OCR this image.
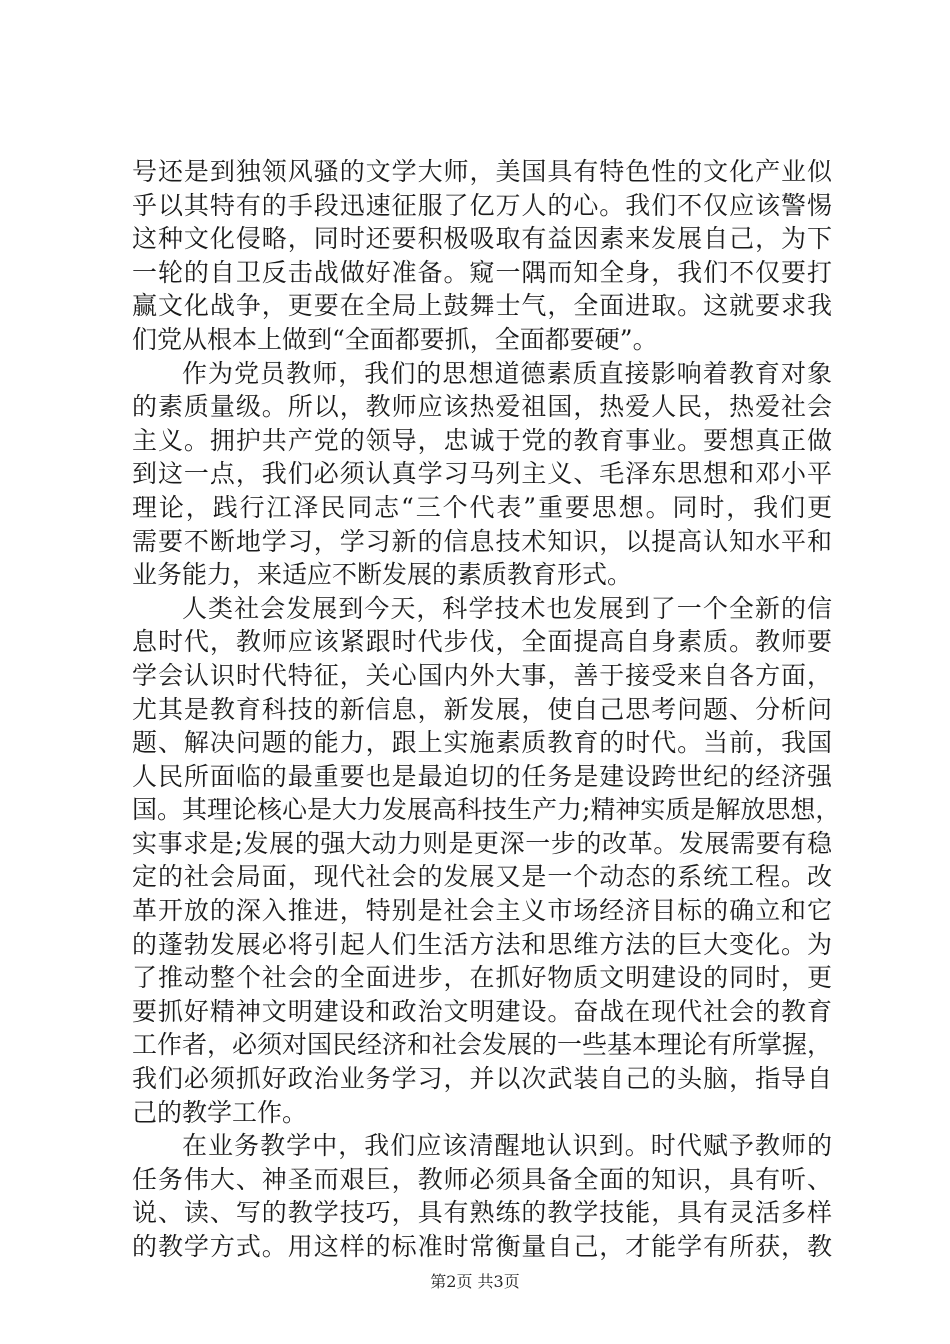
号还是到独领风骚的文学大师，美国具有特色性的文化产业似
乎以其特有的手段迅速征服了亿万人的心。我们不仅应该警惕
这种文化侵略，同时还要积极吸取有益因素来发展自己，为下
一轮的自卫反击战做好准备。窥一隅而知全身，我们不仅要打
赢文化战争，更要在全局上鼓舞士气，全面进取。这就要求我
们党从根本上做到“全面都要抓，全面都要硬”。
作为党员教师，我们的思想道德素质直接影响着教育对象
的素质量级。所以，教师应该热爱祖国，热爱人民，热爱社会
主义。拥护共产党的领导，忠诚于党的教育事业。要想真正做
到这一点，我们必须认真学习马列主义、毛泽东思想和邓小平
理论，践行江泽民同志“三个代表”重要思想。同时，我们更
需要不断地学习，学习新的信息技术知识，以提高认知水平和
业务能力，来适应不断发展的素质教育形式。
人类社会发展到今天，科学技术也发展到了一个全新的信
息时代，教师应该紧跟时代步伐，全面提高自身素质。教师要
学会认识时代特征，关心国内外大事，善于接受来自各方面，
尤其是教育科技的新信息，新发展，使自己思考问题、分析问
题、解决问题的能力，跟上实施素质教育的时代。当前，我国
人民所面临的最重要也是最迫切的任务是建设跨世纪的经济强
国。其理论核心是大力发展高科技生产力;精神实质是解放思想，
实事求是;发展的强大动力则是更深一步的改革。发展需要有稳
定的社会局面，现代社会的发展又是一个动态的系统工程。改
革开放的深入推进，特别是社会主义市场经济目标的确立和它
的蓬勃发展必将引起人们生活方法和思维方法的巨大变化。为
了推动整个社会的全面进步，在抓好物质文明建设的同时，更
要抓好精神文明建设和政治文明建设。奋战在现代社会的教育
工作者，必须对国民经济和社会发展的一些基本理论有所掌握，
我们必须抓好政治业务学习，并以次武装自己的头脑，指导自
己的教学工作。
在业务教学中，我们应该清醒地认识到。时代赋予教师的
任务伟大、神圣而艰巨，教师必须具备全面的知识，具有听、
说、读、写的教学技巧，具有熟练的教学技能，具有灵活多样
的教学方式。用这样的标准时常衡量自己，才能学有所获，教
第2页 共3页
